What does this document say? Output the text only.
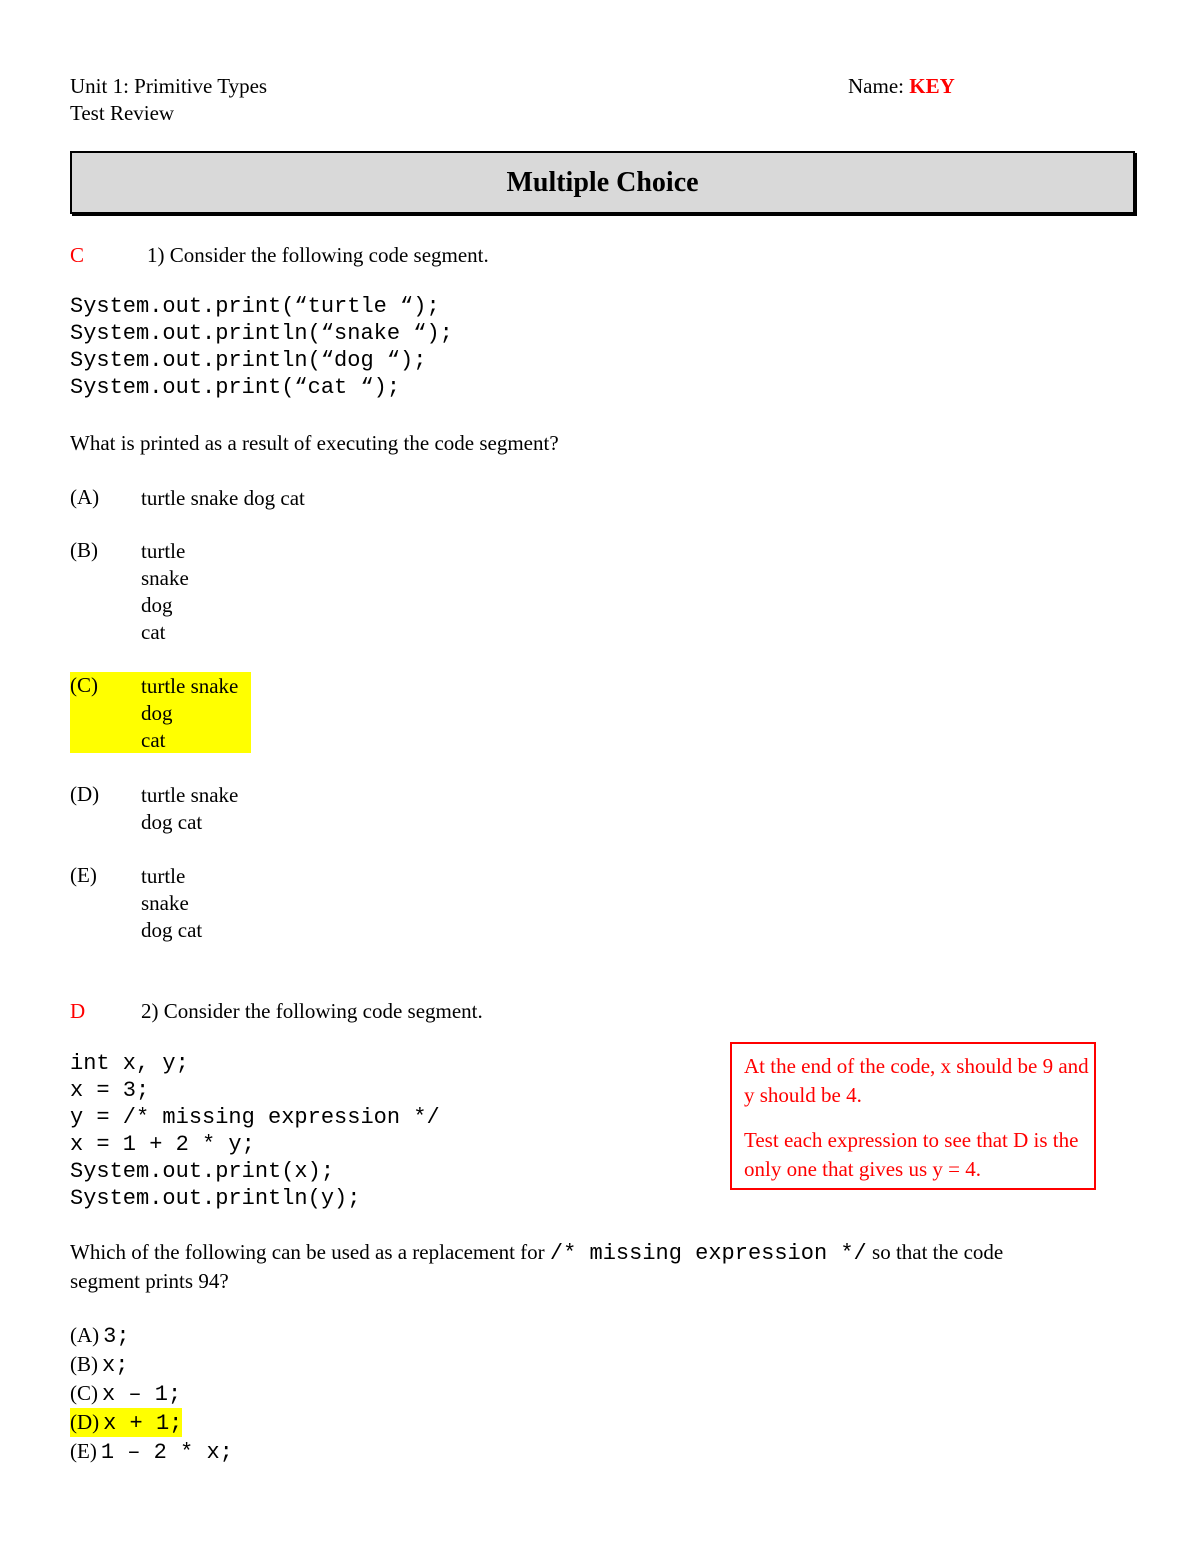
Unit 1: Primitive Types
Test Review
Name: KEY
Multiple Choice
C	1) Consider the following code segment.
System.out.print(“turtle “);
System.out.println(“snake “);
System.out.println(“dog “);
System.out.print(“cat “);
What is printed as a result of executing the code segment?
(A) turtle snake dog cat
(B) turtle
snake
dog
cat
(C) turtle snake
dog
cat
(D) turtle snake
dog cat
(E) turtle
snake
dog cat
D	2) Consider the following code segment.
int x, y;
x = 3;
y = /* missing expression */
x = 1 + 2 * y;
System.out.print(x);
System.out.println(y);

At the end of the code, x should be 9 and y should be 4.

Test each expression to see that D is the only one that gives us y = 4.

Which of the following can be used as a replacement for /* missing expression */ so that the code
segment prints 94?
(A) 3;
(B) x;
(C) x – 1;
(D) x + 1;
(E) 1 – 2 * x;
